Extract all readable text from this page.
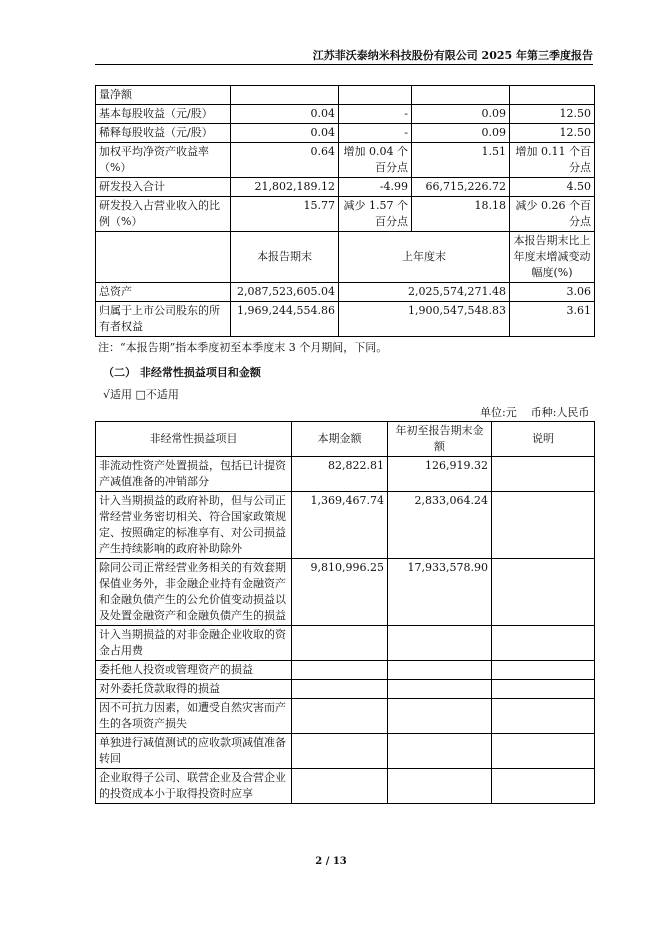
江苏菲沃泰纳米科技股份有限公司 2025 年第三季度报告
量净额				
基本每股收益（元/股）	0.04	-	0.09	12.50
稀释每股收益（元/股）	0.04	-	0.09	12.50
加权平均净资产收益率（%）	0.64	增加 0.04 个百分点	1.51	增加 0.11 个百分点
研发投入合计	21,802,189.12	-4.99	66,715,226.72	4.50
研发投入占营业收入的比例（%）	15.77	减少 1.57 个百分点	18.18	减少 0.26 个百分点
	本报告期末	上年度末		本报告期末比上年度末增减变动幅度(%)
总资产	2,087,523,605.04	2,025,574,271.48		3.06
归属于上市公司股东的所有者权益	1,969,244,554.86	1,900,547,548.83		3.61
注：“本报告期”指本季度初至本季度末 3 个月期间，下同。
（二） 非经常性损益项目和金额
√适用 □不适用
单位:元    币种:人民币
非经常性损益项目	本期金额	年初至报告期末金额	说明
非流动性资产处置损益，包括已计提资产减值准备的冲销部分	82,822.81	126,919.32	
计入当期损益的政府补助，但与公司正常经营业务密切相关、符合国家政策规定、按照确定的标准享有、对公司损益产生持续影响的政府补助除外	1,369,467.74	2,833,064.24	
除同公司正常经营业务相关的有效套期保值业务外，非金融企业持有金融资产和金融负债产生的公允价值变动损益以及处置金融资产和金融负债产生的损益	9,810,996.25	17,933,578.90	
计入当期损益的对非金融企业收取的资金占用费			
委托他人投资或管理资产的损益			
对外委托贷款取得的损益			
因不可抗力因素，如遭受自然灾害而产生的各项资产损失			
单独进行减值测试的应收款项减值准备转回			
企业取得子公司、联营企业及合营企业的投资成本小于取得投资时应享			
2 / 13
